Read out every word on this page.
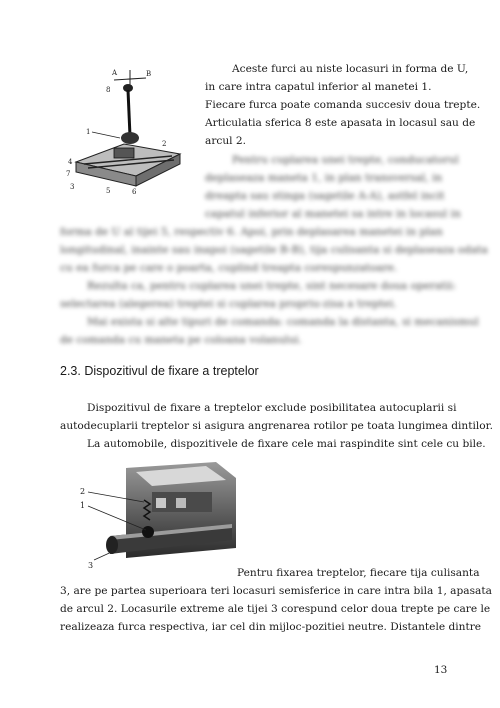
A	B
8
1
2
4
7
3	5	6
Aceste furci au niste locasuri in forma de U,
in care intra capatul inferior al manetei 1.
Fiecare furca poate comanda succesiv doua trepte.
Articulatia sferica 8 este apasata in locasul sau de
arcul 2.
Pentru cuplarea unei trepte, conducatorul
deplaseaza maneta 1, in plan transversal, in
dreapta sau stinga (sagetile A-A), astfel incit
capatul inferior al manetei sa intre in locasul in
forma de U al tijei 5, respectiv 6. Apoi, prin deplasarea manetei in plan
longitudinal, inainte sau inapoi (sagetile B-B), tija culisanta si deplaseaza odata
cu ea furca pe care o poarta, cuplind treapta corespunzatoare.
Rezulta ca, pentru cuplarea unei trepte, sint necesare doua operatii:
selectarea (alegerea) treptei si cuplarea propriu-zisa a treptei.
Mai exista si alte tipuri de comanda: comanda la distanta, si mecanismul
de comanda cu maneta pe coloana volanului.
2.3. Dispozitivul de fixare a treptelor
Dispozitivul de fixare a treptelor exclude posibilitatea autocuplarii si
autodecuplarii treptelor si asigura angrenarea rotilor pe toata lungimea dintilor.
La automobile, dispozitivele de fixare cele mai raspindite sint cele cu bile.
2
1
3
Pentru fixarea treptelor, fiecare tija culisanta
3, are pe partea superioara teri locasuri semisferice in care intra bila 1, apasata
de arcul 2. Locasurile extreme ale tijei 3 corespund celor doua trepte pe care le
realizeaza furca respectiva, iar cel din mijloc-pozitiei neutre. Distantele dintre
13
